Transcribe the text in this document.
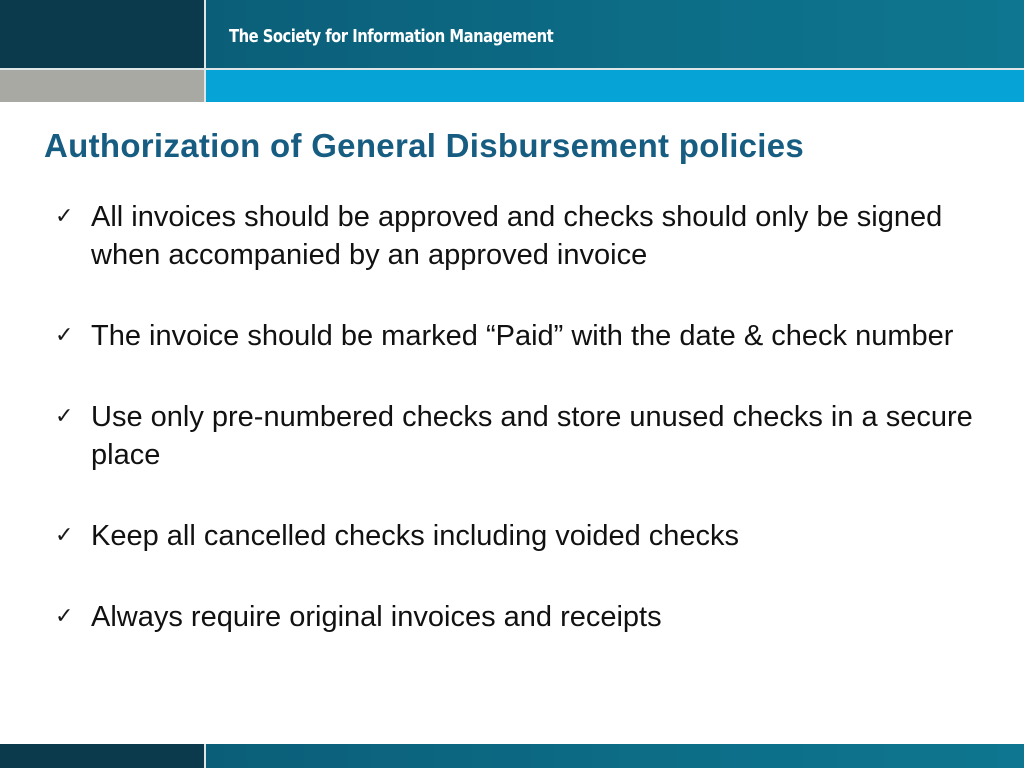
The Society for Information Management
Authorization of General Disbursement policies
✓ All invoices should be approved and checks should only be signed when accompanied by an approved invoice
✓ The invoice should be marked “Paid” with the date & check number
✓ Use only pre-numbered checks and store unused checks in a secure place
✓ Keep all cancelled checks including voided checks
✓ Always require original invoices and receipts
